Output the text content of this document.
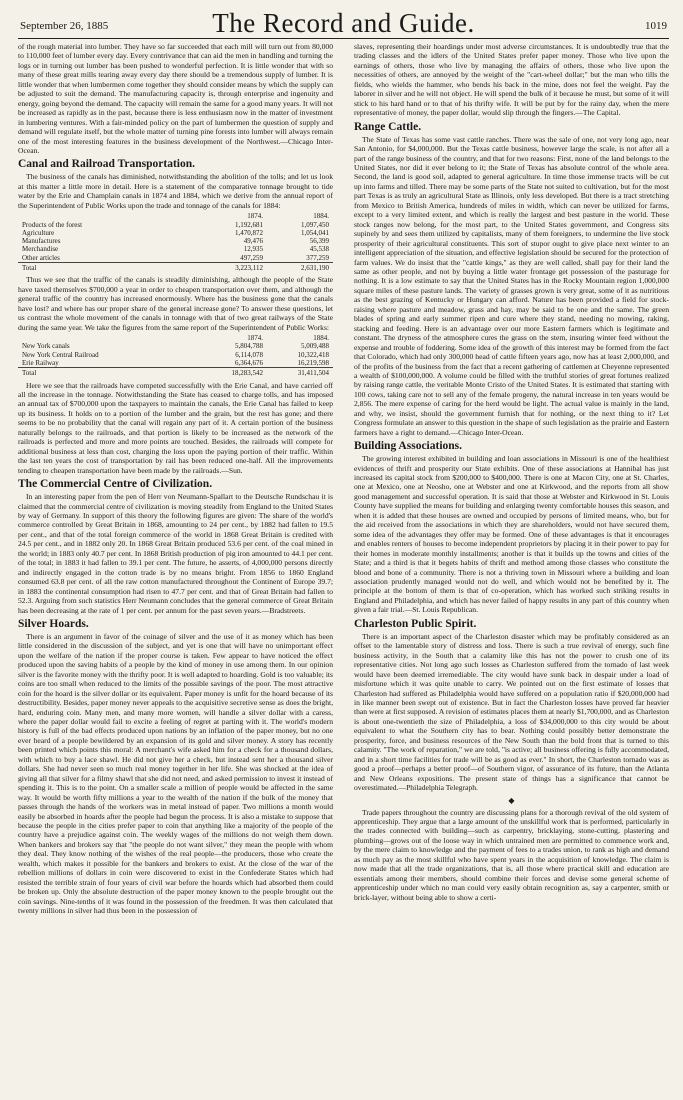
September 26, 1885	The Record and Guide.	1019

of the rough material into lumber. They have so far succeeded that each mill will turn out from 80,000 to 110,000 feet of lumber every day. Every contrivance that can aid the men in handling and turning the logs or in turning out lumber has been pushed to wonderful perfection. It is little wonder that with so many of these great mills tearing away every day there should be a tremendous supply of lumber. It is little wonder that when lumbermen come together they should consider means by which the supply can be adjusted to suit the demand. The manufacturing capacity is, through enterprise and ingenuity and energy, going beyond the demand. The capacity will remain the same for a good many years. It will not be increased as rapidly as in the past, because there is less enthusiasm now in the matter of investment in lumbering ventures. With a fair-minded policy on the part of lumbermen the question of supply and demand will regulate itself, but the whole matter of turning pine forests into lumber will always remain one of the most interesting features in the business development of the Northwest.—Chicago Inter-Ocean.

Canal and Railroad Transportation.

The business of the canals has diminished, notwithstanding the abolition of the tolls; and let us look at this matter a little more in detail. Here is a statement of the comparative tonnage brought to tide water by the Erie and Champlain canals in 1874 and 1884, which we derive from the annual report of the Superintendent of Public Works upon the trade and tonnage of the canals for 1884:

	1874.	1884.
Products of the forest	1,192,681	1,097,450
Agriculture	1,470,872	1,054,041
Manufactures	49,476	56,399
Merchandise	12,935	45,538
Other articles	497,259	377,259
Total	3,223,112	2,631,190

Thus we see that the traffic of the canals is steadily diminishing, although the people of the State have taxed themselves $700,000 a year in order to cheapen transportation over them, and although the general traffic of the country has increased enormously. Where has the business gone that the canals have lost? and where has our proper share of the general increase gone? To answer these questions, let us contrast the whole movement of the canals in tonnage with that of two great railways of the State during the same year. We take the figures from the same report of the Superintendent of Public Works:

	1874.	1884.
New York canals	5,804,788	5,009,488
New York Central Railroad	6,114,078	10,322,418
Erie Railway	6,364,676	16,219,598
Total	18,283,542	31,411,504

Here we see that the railroads have competed successfully with the Erie Canal, and have carried off all the increase in the tonnage. Notwithstanding the State has ceased to charge tolls, and has imposed an annual tax of $700,000 upon the taxpayers to maintain the canals, the Erie Canal has failed to keep up its business. It holds on to a portion of the lumber and the grain, but the rest has gone; and there seems to be no probability that the canal will regain any part of it. A certain portion of the business naturally belongs to the railroads, and that portion is likely to be increased as the network of the railroads is perfected and more and more points are touched. Besides, the railroads will compete for additional business at less than cost, charging the loss upon the paying portion of their traffic. Within the last ten years the cost of transportation by rail has been reduced one-half. All the improvements tending to cheapen transportation have been made by the railroads.—Sun.

The Commercial Centre of Civilization.

In an interesting paper from the pen of Herr von Neumann-Spallart to the Deutsche Rundschau it is claimed that the commercial centre of civilization is moving steadily from England to the United States by way of Germany. In support of this theory the following figures are given: The share of the world's commerce controlled by Great Britain in 1868, amounting to 24 per cent., by 1882 had fallen to 19.5 per cent., and that of the total foreign commerce of the world in 1868 Great Britain is credited with 24.5 per cent., and in 1882 only 20. In 1868 Great Britain produced 53.6 per cent. of the coal mined in the world; in 1883 only 40.7 per cent. In 1868 British production of pig iron amounted to 44.1 per cent. of the total; in 1883 it had fallen to 39.1 per cent. The future, he asserts, of 4,000,000 persons directly and indirectly engaged in the cotton trade is by no means bright. From 1856 to 1860 England consumed 63.8 per cent. of all the raw cotton manufactured throughout the Continent of Europe 39.7; in 1883 the continental consumption had risen to 47.7 per cent. and that of Great Britain had fallen to 52.3. Arguing from such statistics Herr Neumann concludes that the general commerce of Great Britain has been decreasing at the rate of 1 per cent. per annum for the past seven years.—Bradstreets.

Silver Hoards.

There is an argument in favor of the coinage of silver and the use of it as money which has been little considered in the discussion of the subject, and yet is one that will have no unimportant effect upon the welfare of the nation if the proper course is taken. Few appear to have noticed the effect produced upon the saving habits of a people by the kind of money in use among them. In our opinion silver is the favorite money with the thrifty poor. It is well adapted to hoarding. Gold is too valuable; its coins are too small when reduced to the limits of the possible savings of the poor. The most attractive coin for the hoard is the silver dollar or its equivalent. Paper money is unfit for the hoard because of its destructibility. Besides, paper money never appeals to the acquisitive secretive sense as does the bright, hard, enduring coin. Many men, and many more women, will handle a silver dollar with a caress, where the paper dollar would fail to excite a feeling of regret at parting with it. The world's modern history is full of the bad effects produced upon nations by an inflation of the paper money, but no one ever heard of a people bewildered by an expansion of its gold and silver money. A story has recently been printed which points this moral: A merchant's wife asked him for a check for a thousand dollars, with which to buy a lace shawl. He did not give her a check, but instead sent her a thousand silver dollars. She had never seen so much real money together in her life. She was shocked at the idea of giving all that silver for a filmy shawl that she did not need, and asked permission to invest it instead of spending it. This is to the point. On a smaller scale a million of people would be affected in the same way. It would be worth fifty millions a year to the wealth of the nation if the bulk of the money that passes through the hands of the workers was in metal instead of paper. Two millions a month would easily be absorbed in hoards after the people had begun the process. It is also a mistake to suppose that because the people in the cities prefer paper to coin that anything like a majority of the people of the country have a prejudice against coin. The weekly wages of the millions do not weigh them down. When bankers and brokers say that "the people do not want silver," they mean the people with whom they deal. They know nothing of the wishes of the real people—the producers, those who create the wealth, which makes it possible for the bankers and brokers to exist. At the close of the war of the rebellion millions of dollars in coin were discovered to exist in the Confederate States which had resisted the terrible strain of four years of civil war before the hoards which had absorbed them could be broken up. Only the absolute destruction of the paper money known to the people brought out the coin savings. Nine-tenths of it was found in the possession of the freedmen. It was then calculated that twenty millions in silver had thus been in the possession of

slaves, representing their hoardings under most adverse circumstances. It is undoubtedly true that the trading classes and the idlers of the United States prefer paper money. Those who live upon the earnings of others, those who live by managing the affairs of others, those who live upon the necessities of others, are annoyed by the weight of the "cart-wheel dollar;" but the man who tills the fields, who wields the hammer, who bends his back in the mine, does not feel the weight. Pay the laborer in silver and he will not object. He will spend the bulk of it because he must, but some of it will stick to his hard hand or to that of his thrifty wife. It will be put by for the rainy day, when the mere representative of money, the paper dollar, would slip through the fingers.—The Capital.

Range Cattle.

The State of Texas has some vast cattle ranches. There was the sale of one, not very long ago, near San Antonio, for $4,000,000. But the Texas cattle business, however large the scale, is not after all a part of the range business of the country, and that for two reasons: First, none of the land belongs to the United States, nor did it ever belong to it; the State of Texas has absolute control of the whole area. Second, the land is good soil, adapted to general agriculture. In time those immense tracts will be cut up into farms and tilled. There may be some parts of the State not suited to cultivation, but for the most part Texas is as truly an agricultural State as Illinois, only less developed. But there is a tract stretching from Mexico to British America, hundreds of miles in width, which can never be utilized for farms, except to a very limited extent, and which is really the largest and best pasture in the world. These stock ranges now belong, for the most part, to the United States government, and Congress sits supinely by and sees them utilized by capitalists, many of them foreigners, to undermine the live stock prosperity of their agricultural constituents. This sort of stupor ought to give place next winter to an intelligent appreciation of the situation, and effective legislation should be secured for the protection of farm values. We do insist that the "cattle kings," as they are well called, shall pay for their land the same as other people, and not by buying a little water frontage get possession of the pasturage for nothing. It is a low estimate to say that the United States has in the Rocky Mountain region 1,000,000 square miles of these pasture lands. The variety of grasses grown is very great, some of it as nutritious as the best grazing of Kentucky or Hungary can afford. Nature has been provided a field for stock-raising where pasture and meadow, grass and hay, may be said to be one and the same. The green blades of spring and early summer ripen and cure where they stand, needing no mowing, raking, stacking and feeding. Here is an advantage over our more Eastern farmers which is legitimate and constant. The dryness of the atmosphere cures the grass on the stem, insuring winter feed without the expense and trouble of foddering. Some idea of the growth of this interest may be formed from the fact that Colorado, which had only 300,000 head of cattle fifteen years ago, now has at least 2,000,000, and of the profits of the business from the fact that a recent gathering of cattlemen at Cheyenne represented a wealth of $100,000,000. A volume could be filled with the truthful stories of great fortunes realized by raising range cattle, the veritable Monte Cristo of the United States. It is estimated that starting with 100 cows, taking care not to sell any of the female progeny, the natural increase in ten years would be 2,856. The mere expense of caring for the herd would be light. The actual value is mainly in the land, and why, we insist, should the government furnish that for nothing, or the next thing to it? Let Congress formulate an answer to this question in the shape of such legislation as the prairie and Eastern farmers have a right to demand.—Chicago Inter-Ocean.

Building Associations.

The growing interest exhibited in building and loan associations in Missouri is one of the healthiest evidences of thrift and prosperity our State exhibits. One of these associations at Hannibal has just increased its capital stock from $200,000 to $400,000. There is one at Macon City, one at St. Charles, one at Mexico, one at Neosho, one at Webster and one at Kirkwood, and the reports from all show good management and successful operation. It is said that those at Webster and Kirkwood in St. Louis County have supplied the means for building and enlarging twenty comfortable houses this season, and when it is added that these houses are owned and occupied by persons of limited means, who, but for the aid received from the associations in which they are shareholders, would not have secured them, some idea of the advantages they offer may be formed. One of these advantages is that it encourages and enables renters of houses to become independent proprietors by placing it in their power to pay for their homes in moderate monthly installments; another is that it builds up the towns and cities of the State; and a third is that it begets habits of thrift and method among those classes who constitute the blood and bone of a community. There is not a thriving town in Missouri where a building and loan association prudently managed would not do well, and which would not be benefited by it. The principle at the bottom of them is that of co-operation, which has worked such striking results in England and Philadelphia, and which has never failed of happy results in any part of this country when given a fair trial.—St. Louis Republican.

Charleston Public Spirit.

There is an important aspect of the Charleston disaster which may be profitably considered as an offset to the lamentable story of distress and loss. There is such a true revival of energy, such fine business activity, in the South that a calamity like this has not the power to crush one of its representative cities. Not long ago such losses as Charleston suffered from the tornado of last week would have been deemed irremediable. The city would have sunk back in despair under a load of misfortune which it was quite unable to carry. We pointed out on the first estimate of losses that Charleston had suffered as Philadelphia would have suffered on a population ratio if $20,000,000 had in like manner been swept out of existence. But in fact the Charleston losses have proved far heavier than were at first supposed. A revision of estimates places them at nearly $1,700,000, and as Charleston is about one-twentieth the size of Philadelphia, a loss of $34,000,000 to this city would be about equivalent to what the Southern city has to bear. Nothing could possibly better demonstrate the prosperity, force, and business resources of the New South than the bold front that is turned to this calamity. "The work of reparation," we are told, "is active; all business offering is fully accommodated, and in a short time facilities for trade will be as good as ever." In short, the Charleston tornado was as good a proof—perhaps a better proof—of Southern vigor, of assurance of its future, than the Atlanta and New Orleans expositions. The present state of things has a significance that cannot be overestimated.—Philadelphia Telegraph.

◆

Trade papers throughout the country are discussing plans for a thorough revival of the old system of apprenticeship. They argue that a large amount of the unskillful work that is performed, particularly in the trades connected with building—such as carpentry, bricklaying, stone-cutting, plastering and plumbing—grows out of the loose way in which untrained men are permitted to commence work and, by the mere claim to knowledge and the payment of fees to a trades union, to rank as high and demand as much pay as the most skillful who have spent years in the acquisition of knowledge. The claim is now made that all the trade organizations, that is, all those where practical skill and education are essentials among their members, should combine their forces and devise some general scheme of apprenticeship under which no man could very easily obtain recognition as, say a carpenter, smith or brick-layer, without being able to show a certi-
